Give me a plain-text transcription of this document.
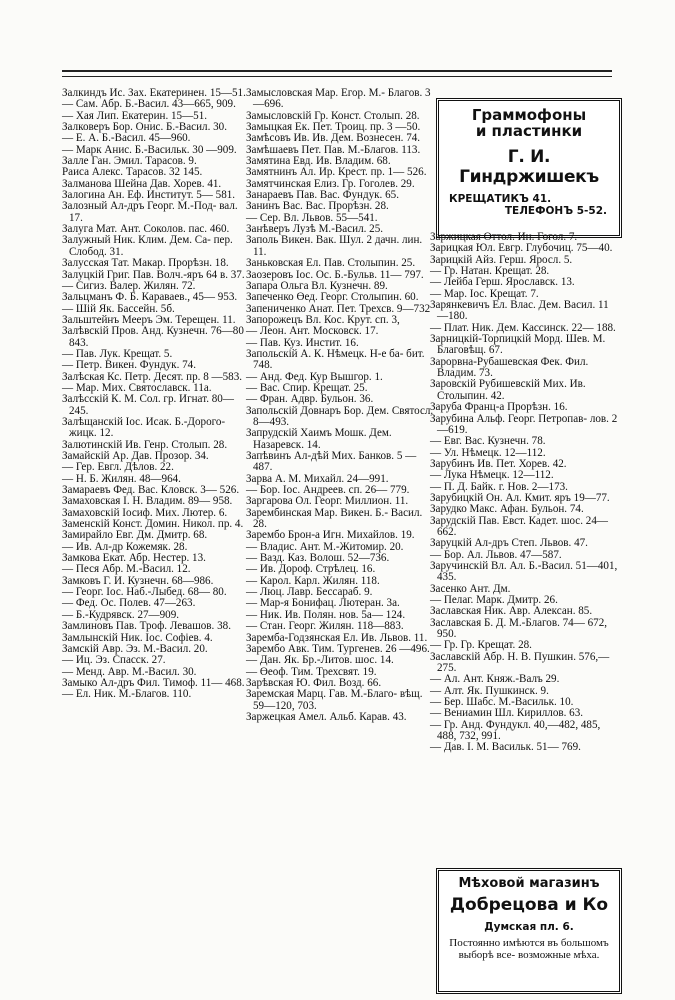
Залкиндъ Ис. Зах. Екатеринен. 15—51.
— Сам. Абр. Б.-Васил. 43—665, 909.
— Хая Лип. Екатерин. 15—51.
Залковеръ Бор. Онис. Б.-Васил. 30.
— Е. А. Б.-Васил. 45—960.
— Марк Анис. Б.-Васильк. 30 —909.
Залле Ган. Эмил. Тарасов. 9.
Раиса Алекс. Тарасов. 32 145.
Залманова Шейна Дав. Хорев. 41.
Залогина Ан. Еф. Институт. 5— 581.
Залозный Ал-дръ Георг. М.-Под- вал. 17.
Залуга Мат. Ант. Соколов. пас. 460.
Залужный Ник. Клим. Дем. Са- пер. Слобод. 31.
Залусская Тат. Макар. Прорѣзн. 18.
Залуцкій Григ. Пав. Волч.-яръ 64 в. 37.
— Сигиз. Валер. Жилян. 72.
Зальцманъ Ф. Б. Караваев., 45— 953.
— Шій Як. Бассейн. 5б.
Зальштейнъ Мееръ Эм. Терещен. 11.
Залѣвскій Пров. Анд. Кузнечн. 76—80 843.
— Пав. Лук. Крещат. 5.
— Петр. Викен. Фундук. 74.
Залѣская Кс. Петр. Десят. пр. 8 —583.
— Мар. Мих. Святославск. 11а.
Залѣсскій К. М. Сол. гр. Игнат. 80—245.
Залѣщанскій Іос. Исак. Б.-Дорого- жицк. 12.
Залютинскій Ив. Генр. Столып. 28.
Замайскій Ар. Дав. Прозор. 34.
— Гер. Евгл. Дѣлов. 22.
— Н. Б. Жилян. 48—964.
Замараевъ Фед. Вас. Кловск. 3— 526.
Замаховская І. Н. Владим. 89— 958.
Замаховскій Іосиф. Мих. Лютер. 6.
Заменскій Конст. Домин. Никол. пр. 4.
Замирайло Евг. Дм. Дмитр. 68.
— Ив. Ал-др Кожемяк. 28.
Замкова Екат. Абр. Нестер. 13.
— Песя Абр. М.-Васил. 12.
Замковъ Г. И. Кузнечн. 68—986.
— Георг. Іос. Наб.-Лыбед. 68— 80.
— Фед. Ос. Полев. 47—263.
— Б.-Кудрявск. 27—909.
Замлиновъ Пав. Троф. Левашов. 38.
Замлынскій Ник. Іос. Софіев. 4.
Замскій Авр. Эз. М.-Васил. 20.
— Иц. Эз. Спасск. 27.
— Менд. Авр. М.-Васил. 30.
Замыко Ал-дръ Фил. Тимоф. 11— 468.
— Ел. Ник. М.-Благов. 110.
Замысловская Мар. Егор. М.- Благов. 3—696.
Замысловскій Гр. Конст. Столып. 28.
Замыцкая Ек. Пет. Троиц. пр. 3 —50.
Замѣсовъ Ив. Ив. Дем. Вознесен. 74.
Замѣшаевъ Пет. Пав. М.-Благов. 113.
Замятина Евд. Ив. Владим. 68.
Замятнинъ Ал. Ир. Крест. пр. 1— 526.
Замятчинская Елиз. Гр. Гоголев. 29.
Занараевъ Пав. Вас. Фундук. 65.
Занинъ Вас. Вас. Прорѣзн. 28.
— Сер. Вл. Львов. 55—541.
Занѣверъ Лузѣ М.-Васил. 25.
Заполь Викен. Вак. Шул. 2 дачн. лин. 11.
Заньковская Ел. Пав. Столыпин. 25.
Заозеровъ Іос. Ос. Б.-Бульв. 11— 797.
Запара Ольга Вл. Кузнечн. 89.
Запеченко Өед. Георг. Столыпин. 60.
Запениченко Анат. Пет. Трехсв. 9—732
Запорожецъ Вл. Кос. Крут. сп. 3,
— Леон. Ант. Московск. 17.
— Пав. Куз. Инстит. 16.
Запольскій А. К. Нѣмецк. Н-е ба- бит. 748.
— Анд. Фед. Кур Вышгор. 1.
— Вас. Спир. Крещат. 25.
— Фран. Адвр. Бульон. 36.
Запольскій Довнаръ Бор. Дем. Святосл. 8—493.
Запрудскій Хаимъ Мошк. Дем. Назаревск. 14.
Запѣвинъ Ал-дѣй Мих. Банков. 5 —487.
Зарва А. М. Михайл. 24—991.
— Бор. Іос. Андреев. сп. 26— 779.
Заргарова Ол. Георг. Миллион. 11.
Зарембинская Мар. Викен. Б.- Васил. 28.
Зарембо Брон-а Игн. Михайлов. 19.
— Владис. Ант. М.-Житомир. 20.
— Вазд. Каз. Волош. 52—736.
— Ив. Дороф. Стрѣлец. 16.
— Карол. Карл. Жилян. 118.
— Люц. Лавр. Бессараб. 9.
— Мар-я Бонифац. Лютеран. 3а.
— Ник. Ив. Полян. нов. 5а— 124.
— Стан. Георг. Жилян. 118—883.
Заремба-Годзянская Ел. Ив. Львов. 11.
Зарембо Авк. Тим. Тургенев. 26 —496.
— Дан. Як. Бр.-Литов. шос. 14.
— Өеоф. Тим. Трехсвят. 19.
Зарѣвская Ю. Фил. Возд. 66.
Заремская Марц. Гав. М.-Благо- вѣщ. 59—120, 703.
Заржецкая Амел. Альб. Карав. 43.
Граммофоны
и пластинки
Г. И. Гиндржишекъ
КРЕЩАТИКЪ 41.
ТЕЛЕФОНЪ 5-52.
Заржицкая Оттол. Ин. Гогол. 7.
Зарицкая Юл. Евгр. Глубочиц. 75—40.
Зарицкій Айз. Герш. Яросл. 5.
— Гр. Натан. Крещат. 28.
— Лейба Герш. Ярославск. 13.
— Мар. Іос. Крещат. 7.
Зарянкевичъ Ел. Влас. Дем. Васил. 11—180.
— Плат. Ник. Дем. Кассинск. 22— 188.
Зарницкій-Торпицкій Морд. Шев. М. Благовѣщ. 67.
Зарорвна-Рубашевская Фек. Фил. Владим. 73.
Заровскій Рубишевскій Мих. Ив. Столыпин. 42.
Заруба Франц-а Прорѣзн. 16.
Зарубина Альф. Георг. Петропав- лов. 2—619.
— Евг. Вас. Кузнечн. 78.
— Ул. Нѣмецк. 12—112.
Зарубинъ Ив. Пет. Хорев. 42.
— Лука Нѣмецк. 12—112.
— П. Д. Байк. г. Нов. 2—173.
Зарубицкій Он. Ал. Кмит. яръ 19—77.
Зарудко Макс. Афан. Бульон. 74.
Зарудскій Пав. Евст. Кадет. шос. 24—662.
Заруцкій Ал-дръ Степ. Львов. 47.
— Бор. Ал. Львов. 47—587.
Заручинскій Вл. Ал. Б.-Васил. 51—401, 435.
Засенко Ант. Дм.
— Пелаг. Марк. Дмитр. 26.
Заславская Ник. Авр. Алексан. 85.
Заславская Б. Д. М.-Благов. 74— 672, 950.
— Гр. Гр. Крещат. 28.
Заславскій Абр. Н. В. Пушкин. 576,—275.
— Ал. Ант. Княж.-Валъ 29.
— Алт. Як. Пушкинск. 9.
— Бер. Шабс. М.-Васильк. 10.
— Вениамин Шл. Кириллов. 63.
— Гр. Анд. Фундукл. 40,—482, 485, 488, 732, 991.
— Дав. І. М. Васильк. 51— 769.
Мѣховой магазинъ
Добрецова и Ко
Думская пл. 6.
Постоянно имѣются въ большомъ выборѣ все- возможные мѣха.
